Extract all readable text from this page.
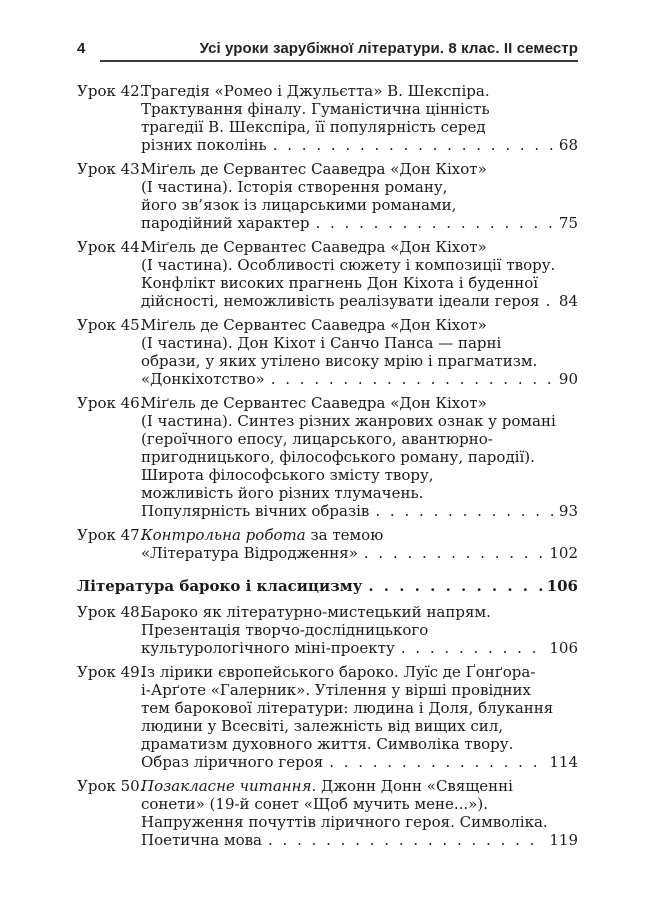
4	Усі уроки зарубіжної літератури. 8 клас. ІІ семестр
Урок 42.
Трагедія «Ромео і Джульєтта» В. Шекспіра.
Трактування фіналу. Гуманістична цінність
трагедії В. Шекспіра, її популярність серед
різних поколінь . . .	68
Урок 43.
Міґель де Сервантес Сааведра «Дон Кіхот»
(І частина). Історія створення роману,
його зв’язок із лицарськими романами,
пародійний характер . . .	75
Урок 44.
Міґель де Сервантес Сааведра «Дон Кіхот»
(І частина). Особливості сюжету і композиції твору.
Конфлікт високих прагнень Дон Кіхота і буденної
дійсності, неможливість реалізувати ідеали героя . . . 84
Урок 45.
Міґель де Сервантес Сааведра «Дон Кіхот»
(І частина). Дон Кіхот і Санчо Панса — парні
образи, у яких утілено високу мрію і прагматизм.
«Донкіхотство» . . .	90
Урок 46.
Міґель де Сервантес Сааведра «Дон Кіхот»
(І частина). Синтез різних жанрових ознак у романі
(героїчного епосу, лицарського, авантюрно-
пригодницького, філософського роману, пародії).
Широта філософського змісту твору,
можливість його різних тлумачень.
Популярність вічних образів . . .	93
Урок 47.
Контрольна робота за темою
«Література Відродження» . . .	102
Література бароко і класицизму . . .	106
Урок 48.
Бароко як літературно-мистецький напрям.
Презентація творчо-дослідницького
культурологічного міні-проекту . . .	106
Урок 49.
Із лірики європейського бароко. Луїс де Ґонґора-
і-Арґоте «Галерник». Утілення у вірші провідних
тем барокової літератури: людина і Доля, блукання
людини у Всесвіті, залежність від вищих сил,
драматизм духовного життя. Символіка твору.
Образ ліричного героя . . .	114
Урок 50.
Позакласне читання. Джонн Донн «Священні
сонети» (19-й сонет «Щоб мучить мене...»).
Напруження почуттів ліричного героя. Символіка.
Поетична мова . . .	119
